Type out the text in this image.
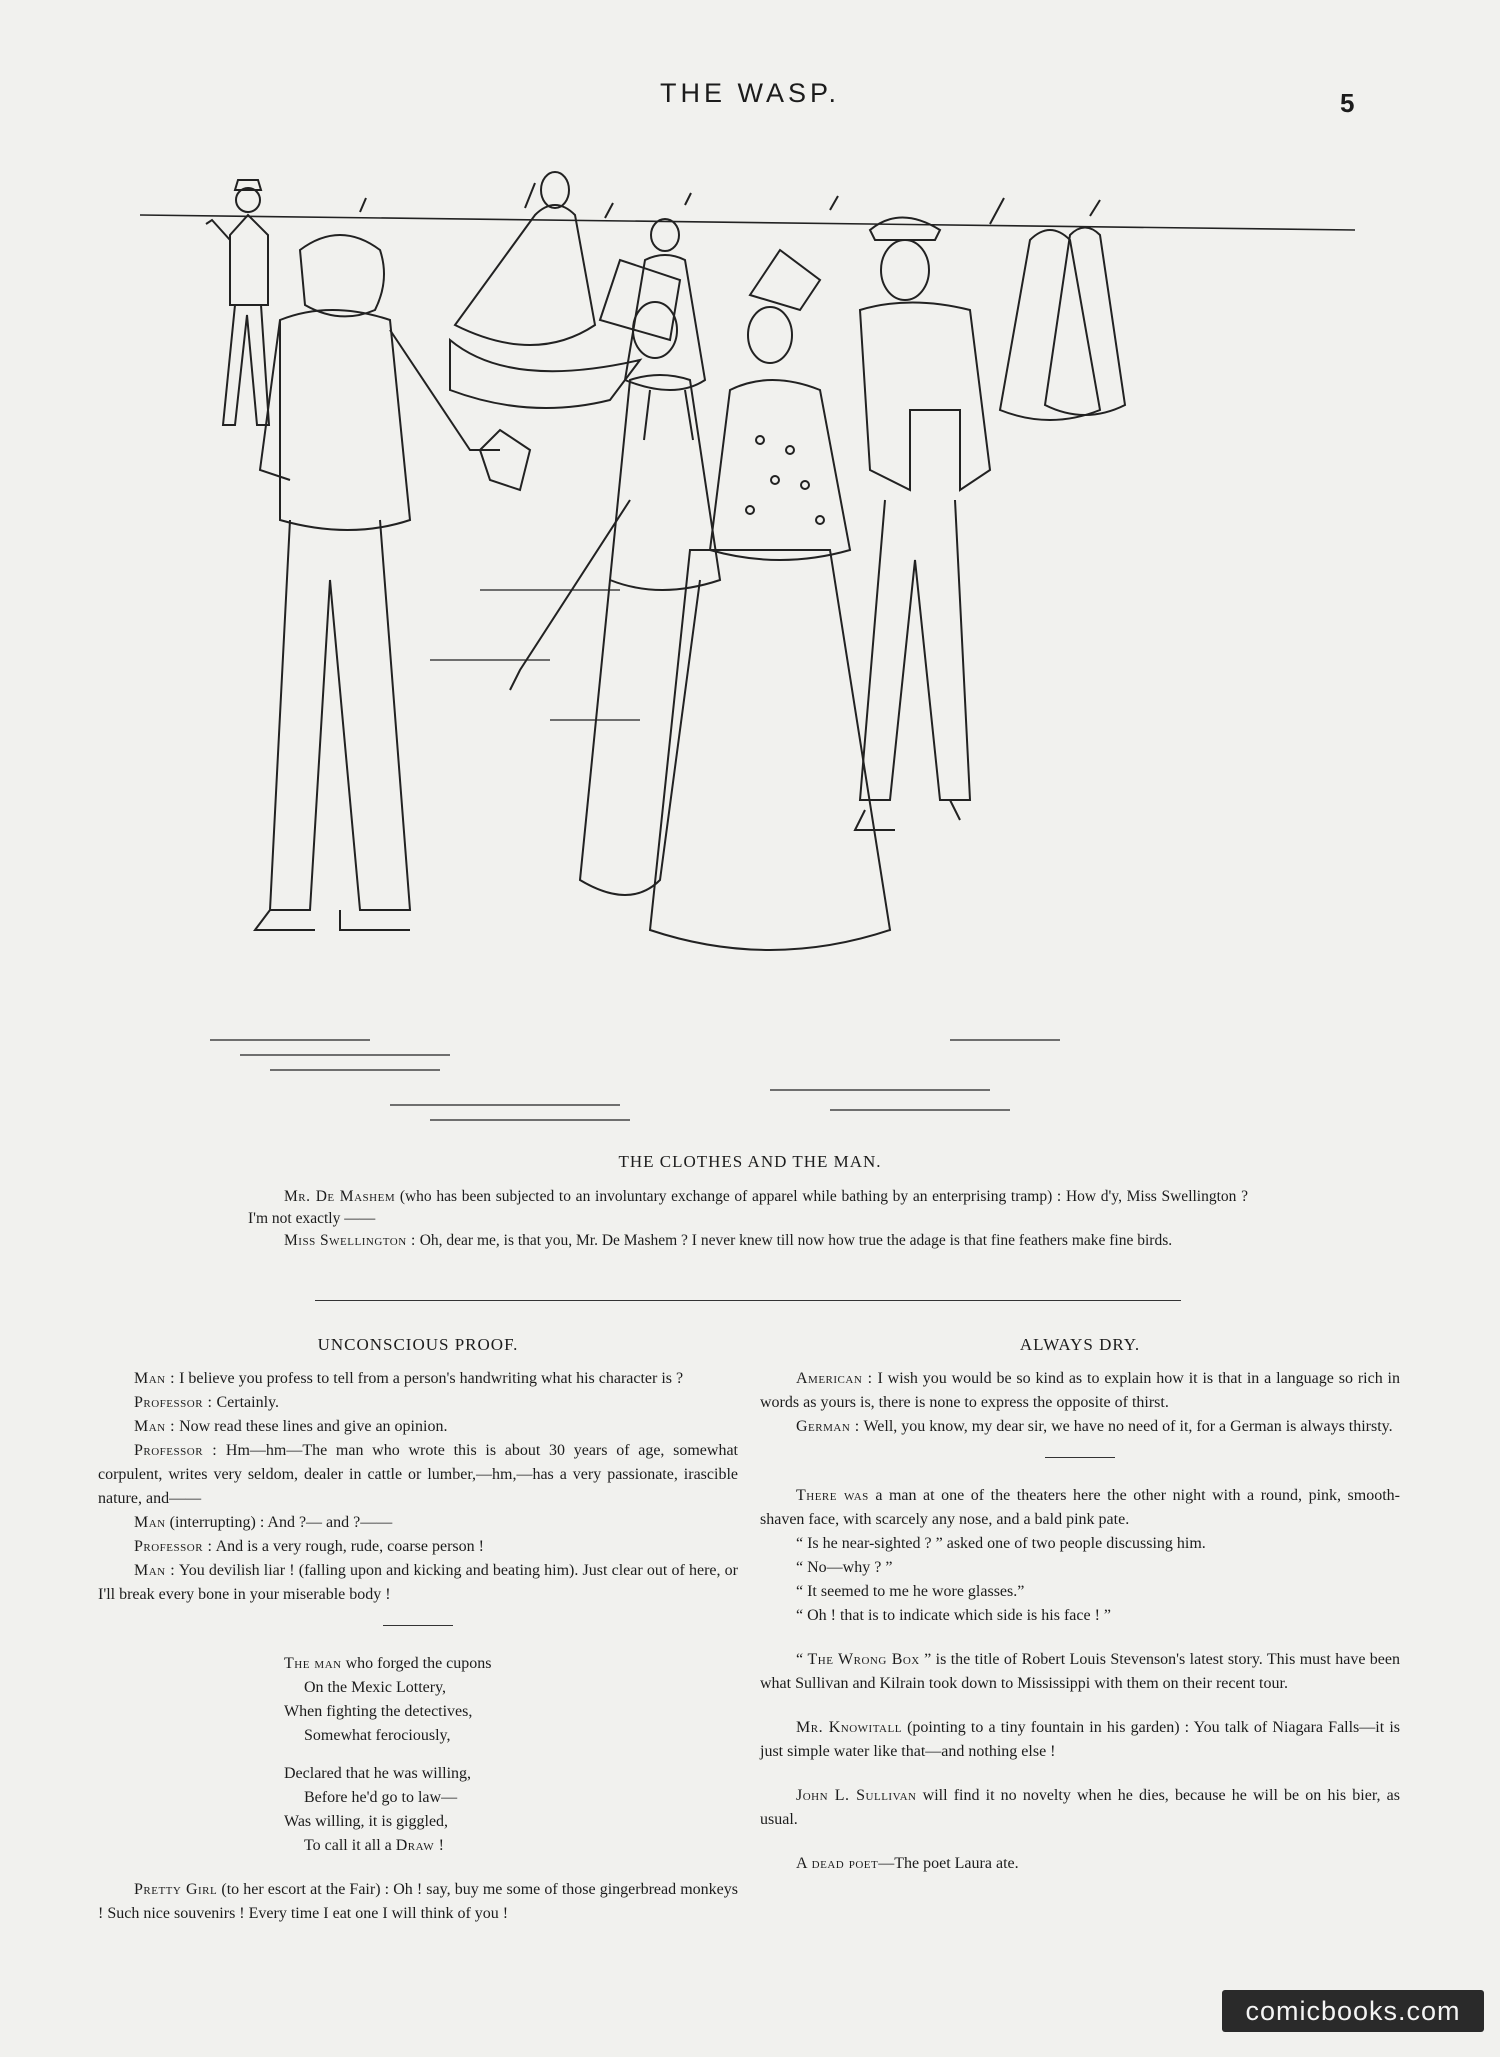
THE WASP.	5
THE CLOTHES AND THE MAN.

Mr. De Mashem (who has been subjected to an involuntary exchange of apparel while bathing by an enterprising tramp) : How d'y, Miss Swellington ? I'm not exactly ——

Miss Swellington : Oh, dear me, is that you, Mr. De Mashem ? I never knew till now how true the adage is that fine feathers make fine birds.

UNCONSCIOUS PROOF.

Man : I believe you profess to tell from a person's handwriting what his character is ?

Professor : Certainly.

Man : Now read these lines and give an opinion.

Professor : Hm—hm—The man who wrote this is about 30 years of age, somewhat corpulent, writes very seldom, dealer in cattle or lumber,—hm,—has a very passionate, irascible nature, and——

Man (interrupting) : And ?— and ?——

Professor : And is a very rough, rude, coarse person !

Man : You devilish liar ! (falling upon and kicking and beating him). Just clear out of here, or I'll break every bone in your miserable body !

The man who forged the cupons
On the Mexic Lottery,
When fighting the detectives,
Somewhat ferociously,
Declared that he was willing,
Before he'd go to law—
Was willing, it is giggled,
To call it all a Draw !

Pretty Girl (to her escort at the Fair) : Oh ! say, buy me some of those gingerbread monkeys ! Such nice souvenirs ! Every time I eat one I will think of you !

ALWAYS DRY.

American : I wish you would be so kind as to explain how it is that in a language so rich in words as yours is, there is none to express the opposite of thirst.

German : Well, you know, my dear sir, we have no need of it, for a German is always thirsty.

There was a man at one of the theaters here the other night with a round, pink, smooth-shaven face, with scarcely any nose, and a bald pink pate.

“ Is he near-sighted ? ” asked one of two people discussing him.

“ No—why ? ”

“ It seemed to me he wore glasses.”

“ Oh ! that is to indicate which side is his face ! ”

“ The Wrong Box ” is the title of Robert Louis Stevenson's latest story. This must have been what Sullivan and Kilrain took down to Mississippi with them on their recent tour.

Mr. Knowitall (pointing to a tiny fountain in his garden) : You talk of Niagara Falls—it is just simple water like that—and nothing else !

John L. Sullivan will find it no novelty when he dies, because he will be on his bier, as usual.

A dead poet—The poet Laura ate.

comicbooks.com
